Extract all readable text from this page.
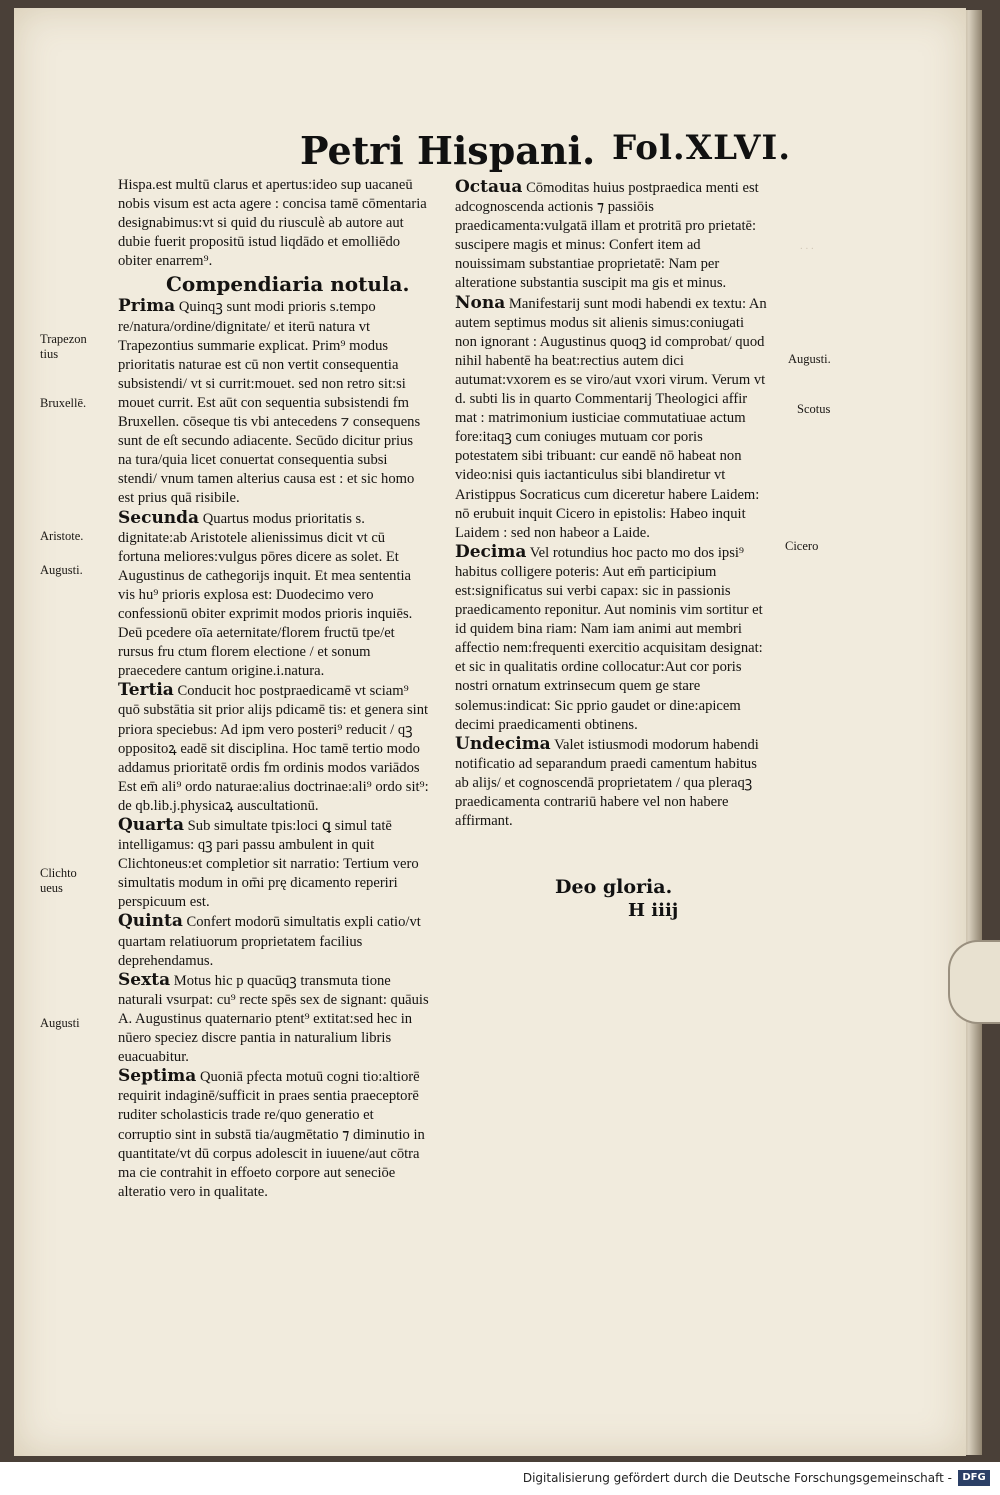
. . .
Petri Hispani. Fol.XLVI.

Hispa.est multū clarus et apertus:ideo sup uacaneū nobis visum est acta agere : concisa tamē cōmentaria designabimus:vt si quid du riusculè ab autore aut dubie fuerit propositū istud liqdādo et emolliēdo obiter enarrem⁹.

Compendiaria notula.

Prima Quinqꝫ sunt modi prioris s.tempo re/natura/ordine/dignitate/ et iterū natura vt Trapezontius summarie explicat. Prim⁹ modus prioritatis naturae est cū non vertit consequentia subsistendi/ vt si currit:mouet. sed non retro sit:si mouet currit. Est aūt con sequentia subsistendi fm Bruxellen. cōseque tis vbi antecedens ⁊ consequens sunt de eſt secundo adiacente. Secūdo dicitur prius na tura/quia licet conuertat consequentia subsi stendi/ vnum tamen alterius causa est : et sic homo est prius quā risibile.

Secunda Quartus modus prioritatis s. dignitate:ab Aristotele alienissimus dicit vt cū fortuna meliores:vulgus pōres dicere as solet. Et Augustinus de cathegorijs inquit. Et mea sententia vis hu⁹ prioris explosa est: Duodecimo vero confessionū obiter exprimit modos prioris inquiēs. Deū pcedere oīa aeternitate/florem fructū tpe/et rursus fru ctum florem electione / et sonum praecedere cantum origine.i.natura.

Tertia Conducit hoc postpraedicamē vt sciam⁹ quō substātia sit prior alijs pdicamē tis: et genera sint priora speciebus: Ad ipm vero posteri⁹ reducit / qꝫ oppositoꝝ eadē sit disciplina. Hoc tamē tertio modo addamus prioritatē ordis fm ordinis modos variādos Est em̄ ali⁹ ordo naturae:alius doctrinae:ali⁹ ordo sit⁹: de qb.lib.j.physicaꝝ auscultationū.

Quarta Sub simultate tpis:loci ꝗ simul tatē intelligamus: qꝫ pari passu ambulent in quit Clichtoneus:et completior sit narratio: Tertium vero simultatis modum in om̄i prę dicamento reperiri perspicuum est.

Quinta Confert modorū simultatis expli catio/vt quartam relatiuorum proprietatem facilius deprehendamus.

Sexta Motus hic p quacūqꝫ transmuta tione naturali vsurpat: cu⁹ recte spēs sex de signant: quāuis A. Augustinus quaternario ptent⁹ extitat:sed hec in nūero speciez discre pantia in naturalium libris euacuabitur.

Septima Quoniā pfecta motuū cogni tio:altiorē requirit indaginē/sufficit in praes sentia praeceptorē ruditer scholasticis trade re/quo generatio et corruptio sint in substā tia/augmētatio ⁊ diminutio in quantitate/vt dū corpus adolescit in iuuene/aut cōtra ma cie contrahit in effoeto corpore aut seneciōe alteratio vero in qualitate.

Octaua Cōmoditas huius postpraedica menti est adcognoscenda actionis ⁊ passiōis praedicamenta:vulgatā illam et protritā pro prietatē: suscipere magis et minus: Confert item ad nouissimam substantiae proprietatē: Nam per alteratione substantia suscipit ma gis et minus.

Nona Manifestarij sunt modi habendi ex textu: An autem septimus modus sit alienis simus:coniugati non ignorant : Augustinus quoqꝫ id comprobat/ quod nihil habentē ha beat:rectius autem dici autumat:vxorem es se viro/aut vxori virum. Verum vt d. subti lis in quarto Commentarij Theologici affir mat : matrimonium iusticiae commutatiuae actum fore:itaqꝫ cum coniuges mutuam cor poris potestatem sibi tribuant: cur eandē nō habeat non video:nisi quis iactanticulus sibi blandiretur vt Aristippus Socraticus cum diceretur habere Laidem: nō erubuit inquit Cicero in epistolis: Habeo inquit Laidem : sed non habeor a Laide.

Decima Vel rotundius hoc pacto mo dos ipsi⁹ habitus colligere poteris: Aut em̄ participium est:significatus sui verbi capax: sic in passionis praedicamento reponitur. Aut nominis vim sortitur et id quidem bina riam: Nam iam animi aut membri affectio nem:frequenti exercitio acquisitam designat: et sic in qualitatis ordine collocatur:Aut cor poris nostri ornatum extrinsecum quem ge stare solemus:indicat: Sic pprio gaudet or dine:apicem decimi praedicamenti obtinens.

Undecima Valet istiusmodi modorum habendi notificatio ad separandum praedi camentum habitus ab alijs/ et cognoscendā proprietatem / qua pleraqꝫ praedicamenta contrariū habere vel non habere affirmant.

Deo gloria.
H iiij
Trapezon tius
Bruxellē.
Aristote.
Augusti.
Clichto ueus
Augusti
Augusti.
Scotus
Cicero
Digitalisierung gefördert durch die Deutsche Forschungsgemeinschaft -	DFG
